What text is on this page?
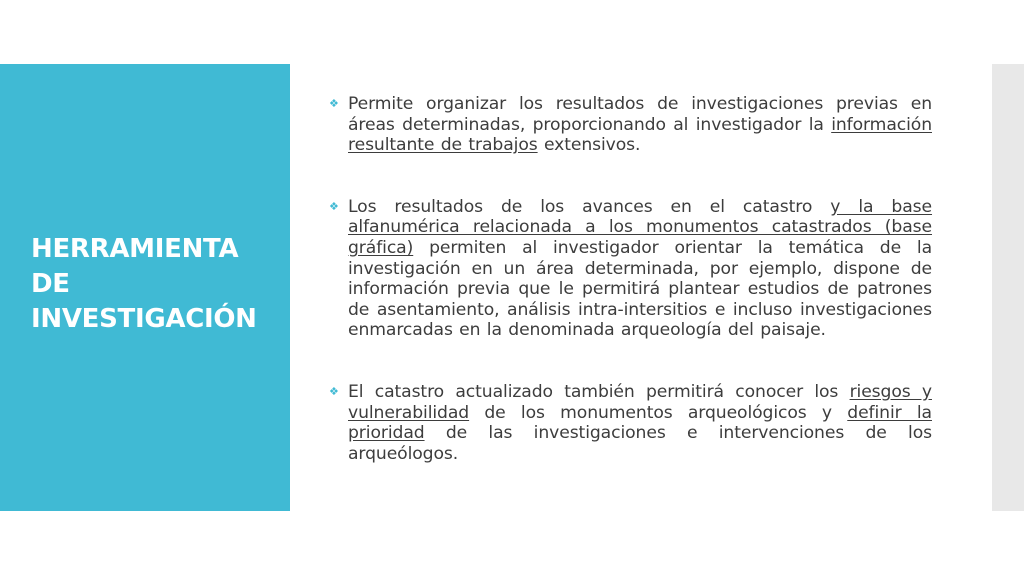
HERRAMIENTA
DE
INVESTIGACIÓN
❖ Permite organizar los resultados de investigaciones previas en áreas determinadas, proporcionando al investigador la información resultante de trabajos extensivos.
❖ Los resultados de los avances en el catastro y la base alfanumérica relacionada a los monumentos catastrados (base gráfica) permiten al investigador orientar la temática de la investigación en un área determinada, por ejemplo, dispone de información previa que le permitirá plantear estudios de patrones de asentamiento, análisis intra-intersitios e incluso investigaciones enmarcadas en la denominada arqueología del paisaje.
❖ El catastro actualizado también permitirá conocer los riesgos y vulnerabilidad de los monumentos arqueológicos y definir la prioridad de las investigaciones e intervenciones de los arqueólogos.
